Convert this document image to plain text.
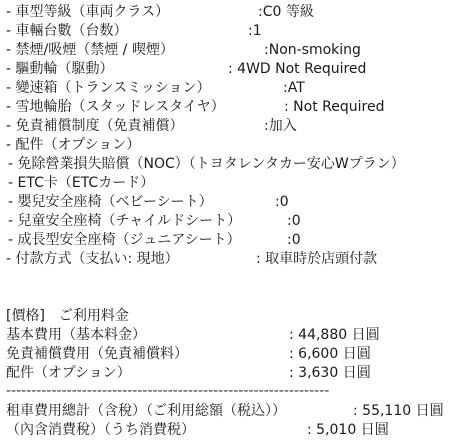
- 車型等級（車両クラス）	:C0 等級
- 車輛台數（台数）	:1
- 禁煙/吸煙（禁煙 / 喫煙）	:Non-smoking
- 驅動輪（駆動）	: 4WD Not Required
- 變速箱（トランスミッション）	:AT
- 雪地輪胎（スタッドレスタイヤ）	: Not Required
- 免責補償制度（免責補償）	:加入
- 配件（オプション）
- 免除營業損失賠償（NOC）（トヨタレンタカー安心Wプラン）
- ETC卡（ETCカード）
- 嬰兒安全座椅（ベビーシート）	:0
- 兒童安全座椅（チャイルドシート）	:0
- 成長型安全座椅（ジュニアシート）	:0
- 付款方式（支払い: 現地）	: 取車時於店頭付款
[價格]　ご利用料金
基本費用（基本料金）	: 44,880 日圓
免責補償費用（免責補償料）	: 6,600 日圓
配件（オプション）	: 3,630 日圓
----------------------------------------------------------------
租車費用總計（含稅）（ご利用総額（税込））	: 55,110 日圓
（內含消費稅）（うち消費税）	: 5,010 日圓
